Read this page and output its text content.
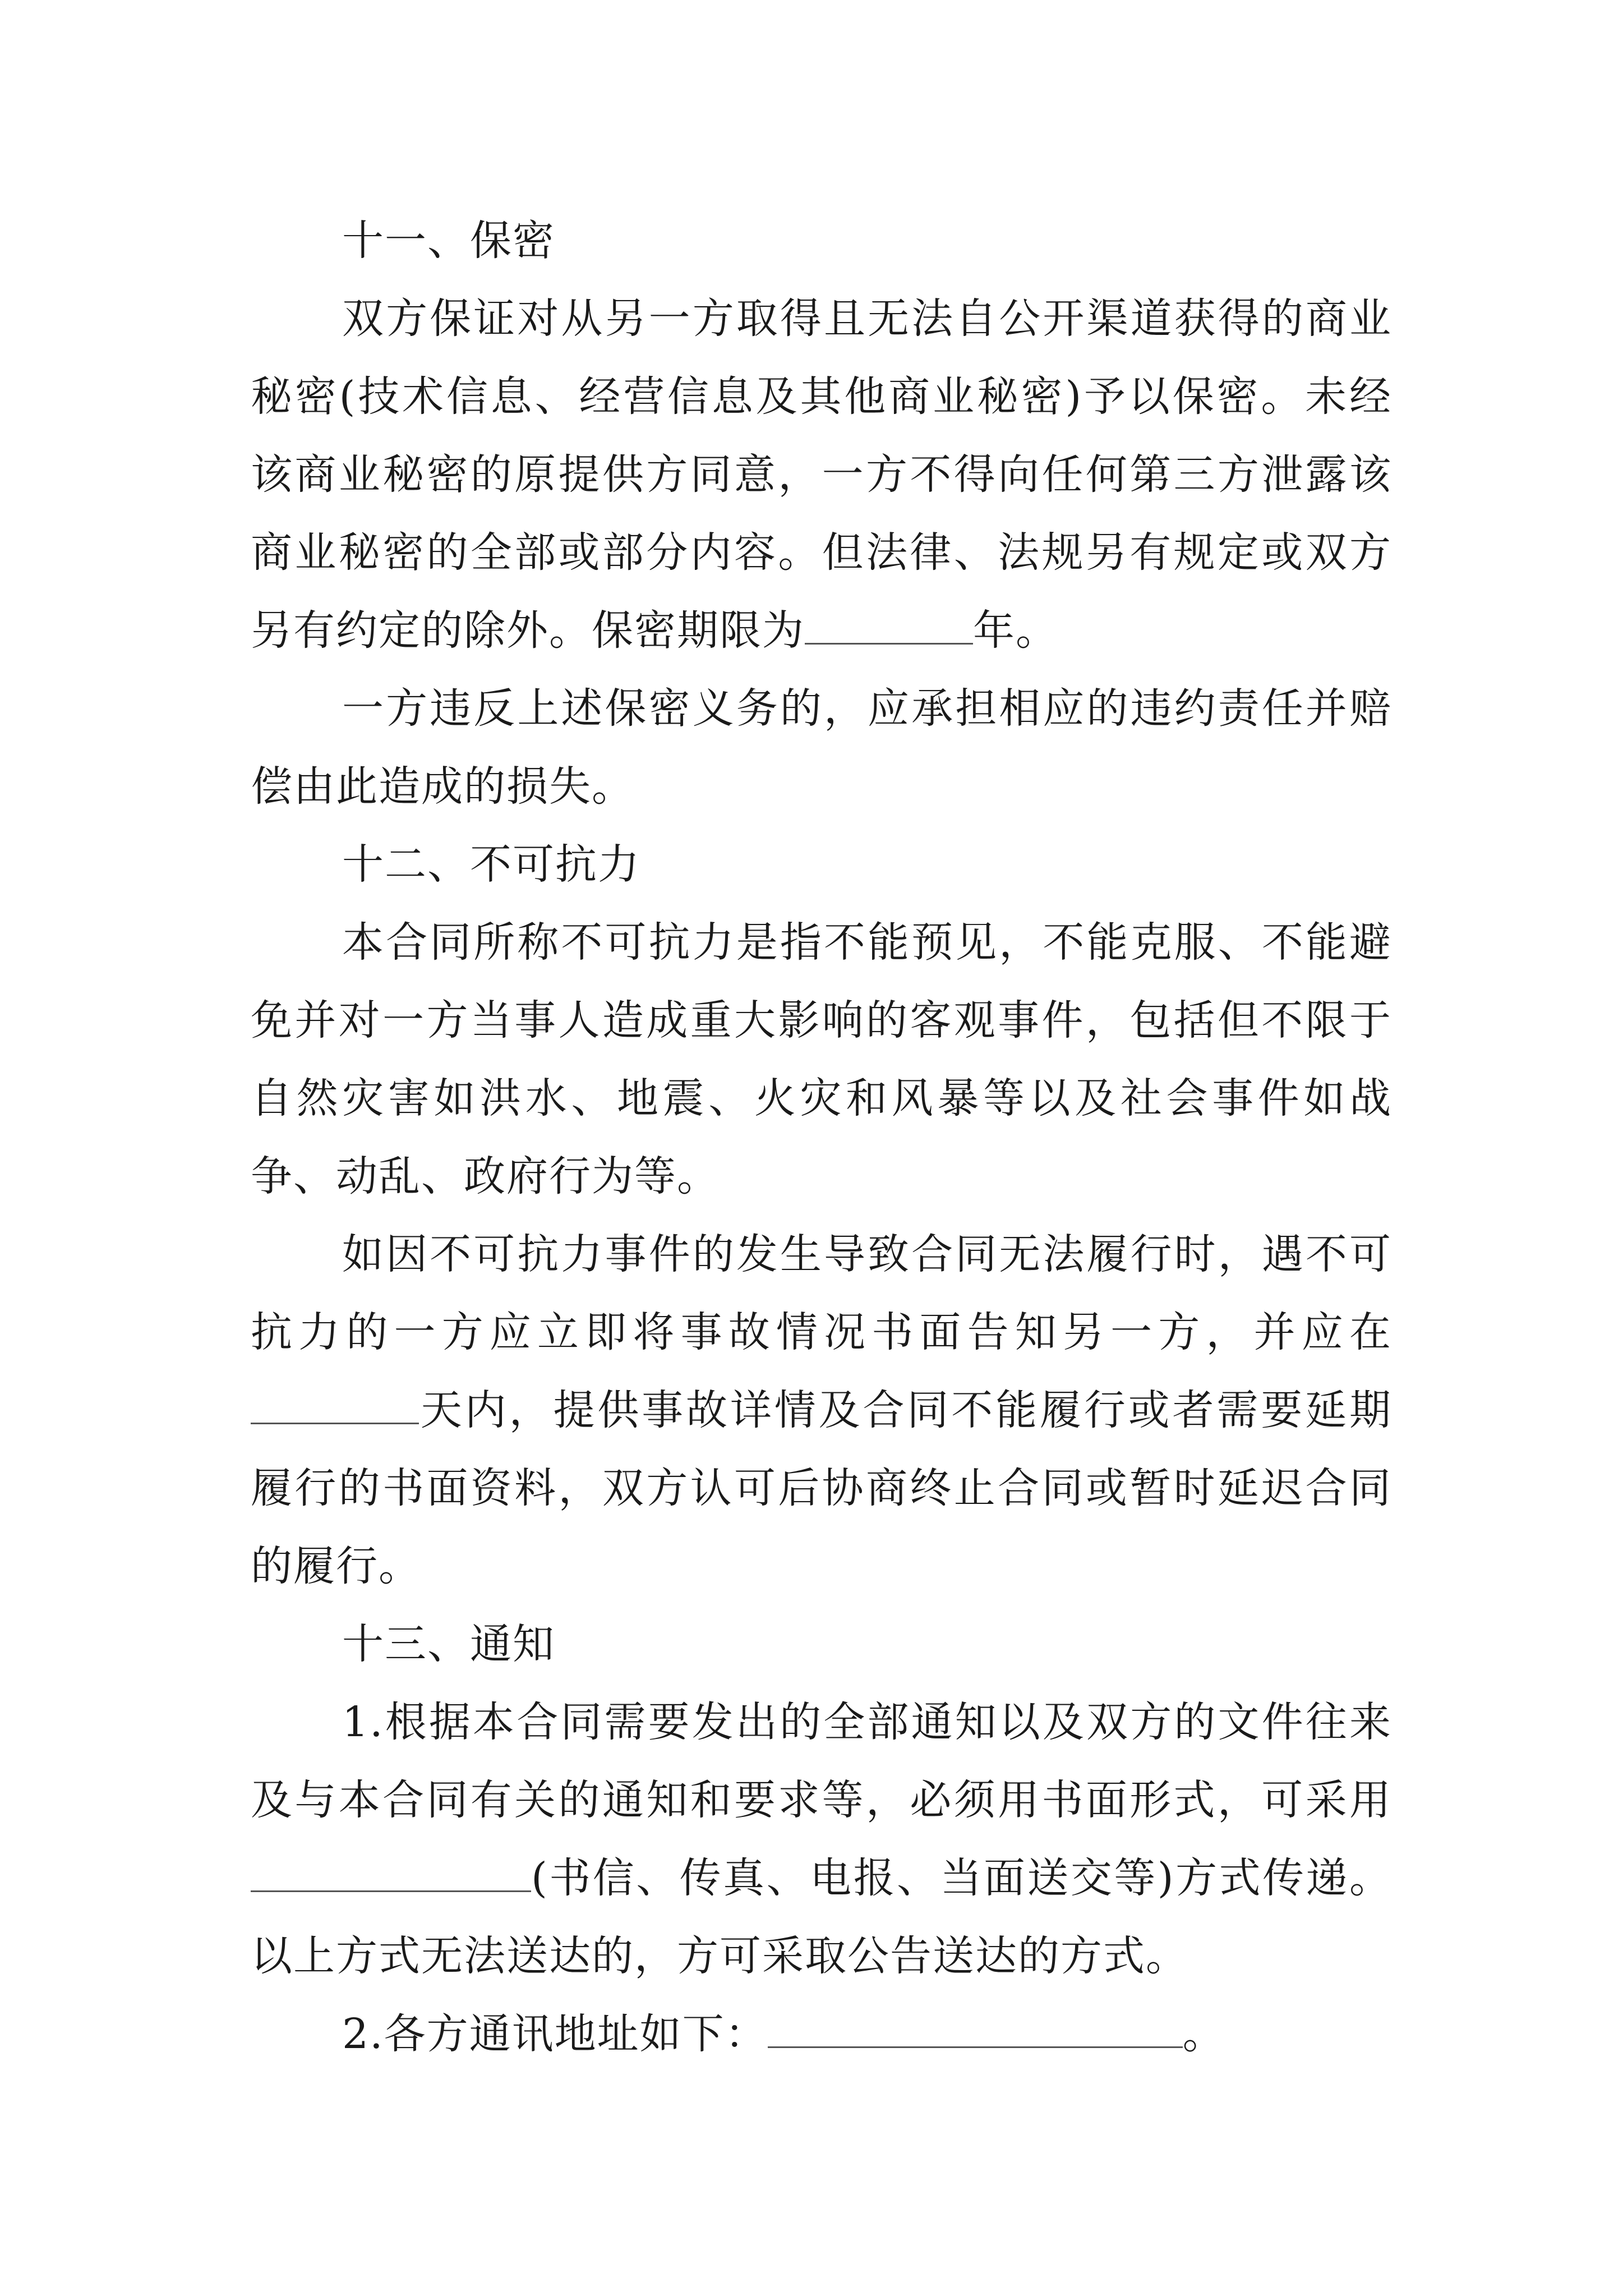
十一、保密

双方保证对从另一方取得且无法自公开渠道获得的商业秘密(技术信息、经营信息及其他商业秘密)予以保密。未经该商业秘密的原提供方同意，一方不得向任何第三方泄露该商业秘密的全部或部分内容。但法律、法规另有规定或双方另有约定的除外。保密期限为	年。

一方违反上述保密义务的，应承担相应的违约责任并赔偿由此造成的损失。

十二、不可抗力

本合同所称不可抗力是指不能预见，不能克服、不能避免并对一方当事人造成重大影响的客观事件，包括但不限于自然灾害如洪水、地震、火灾和风暴等以及社会事件如战争、动乱、政府行为等。

如因不可抗力事件的发生导致合同无法履行时，遇不可抗力的一方应立即将事故情况书面告知另一方，并应在天内，提供事故详情及合同不能履行或者需要延期履行的书面资料，双方认可后协商终止合同或暂时延迟合同的履行。

十三、通知

1.根据本合同需要发出的全部通知以及双方的文件往来及与本合同有关的通知和要求等，必须用书面形式，可采用(书信、传真、电报、当面送交等)方式传递。以上方式无法送达的，方可采取公告送达的方式。

2.各方通讯地址如下：	。
